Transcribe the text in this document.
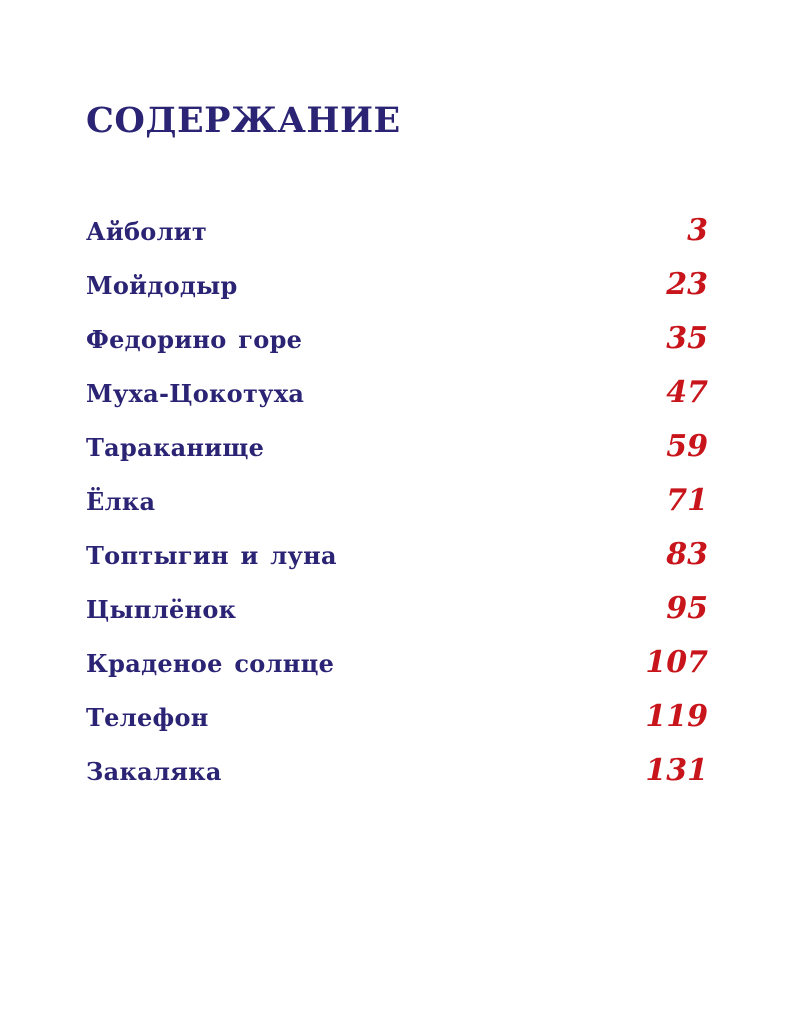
СОДЕРЖАНИЕ
Айболит	3
Мойдодыр	23
Федорино горе	35
Муха-Цокотуха	47
Тараканище	59
Ёлка	71
Топтыгин и луна	83
Цыплёнок	95
Краденое солнце	107
Телефон	119
Закаляка	131
